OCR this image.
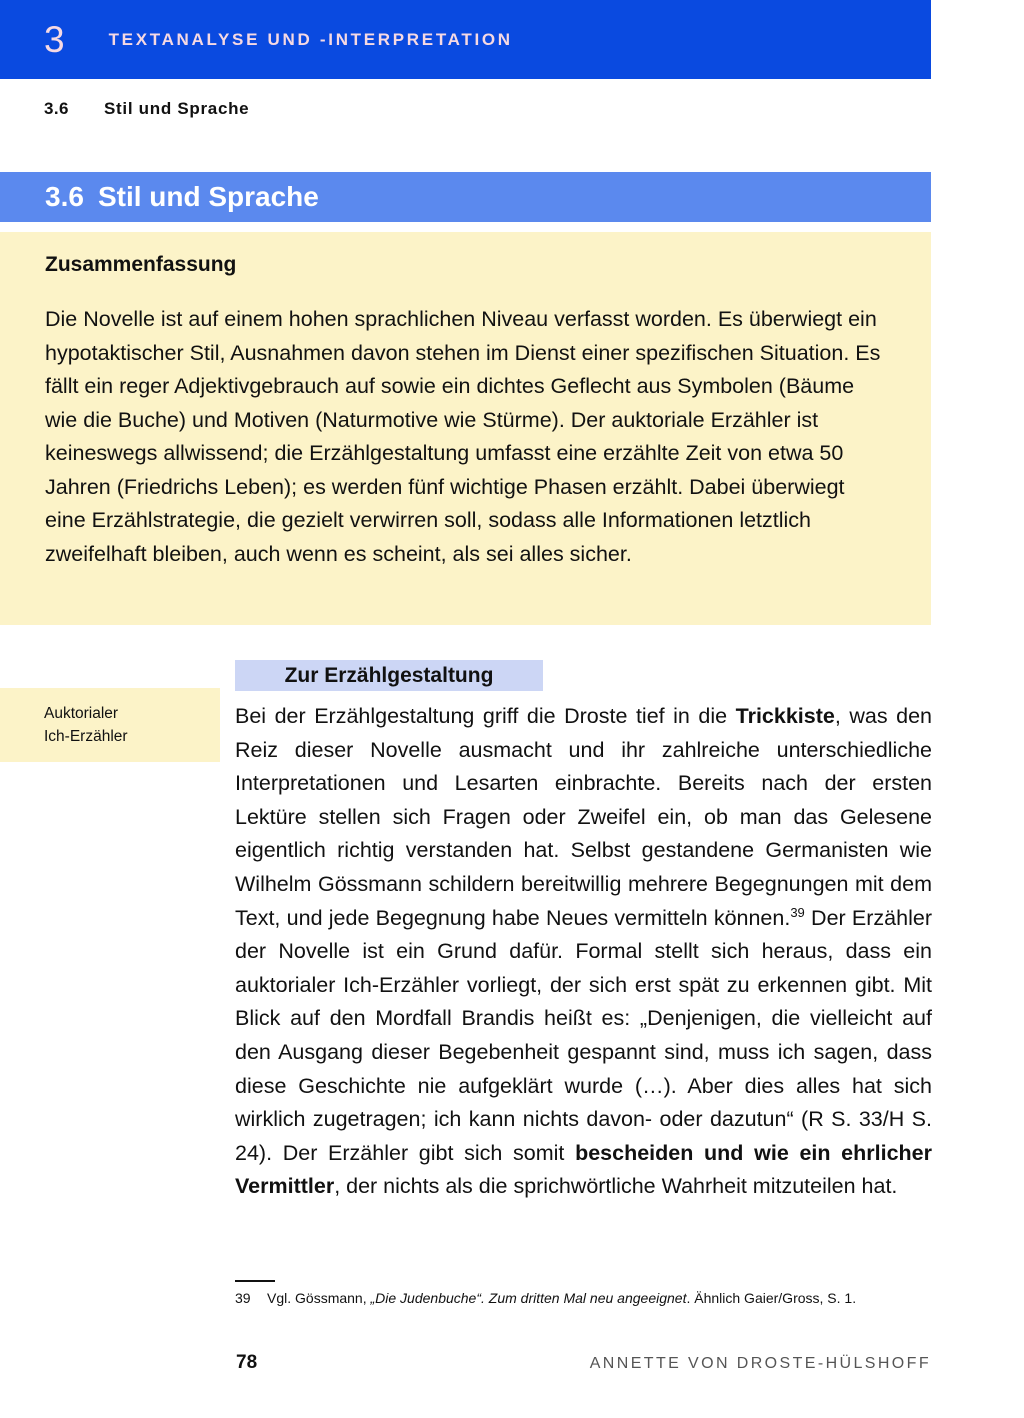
3	TEXTANALYSE UND -INTERPRETATION
3.6	Stil und Sprache
3.6 Stil und Sprache
Zusammenfassung

Die Novelle ist auf einem hohen sprachlichen Niveau verfasst worden. Es überwiegt ein hypotaktischer Stil, Ausnahmen davon stehen im Dienst einer spezifischen Situation. Es fällt ein reger Adjektivgebrauch auf sowie ein dichtes Geflecht aus Symbolen (Bäume wie die Buche) und Motiven (Naturmotive wie Stürme). Der auktoriale Erzähler ist keineswegs allwissend; die Erzählgestaltung umfasst eine erzählte Zeit von etwa 50 Jahren (Friedrichs Leben); es werden fünf wichtige Phasen erzählt. Dabei überwiegt eine Erzählstrategie, die gezielt verwirren soll, sodass alle Informationen letztlich zweifelhaft bleiben, auch wenn es scheint, als sei alles sicher.

Auktorialer
Ich-Erzähler
Zur Erzählgestaltung

Bei der Erzählgestaltung griff die Droste tief in die Trickkiste, was den Reiz dieser Novelle ausmacht und ihr zahlreiche unterschiedliche Interpretationen und Lesarten einbrachte. Bereits nach der ersten Lektüre stellen sich Fragen oder Zweifel ein, ob man das Gelesene eigentlich richtig verstanden hat. Selbst gestandene Germanisten wie Wilhelm Gössmann schildern bereitwillig mehrere Begegnungen mit dem Text, und jede Begegnung habe Neues vermitteln können.$^{39}$ Der Erzähler der Novelle ist ein Grund dafür. Formal stellt sich heraus, dass ein auktorialer Ich-Erzähler vorliegt, der sich erst spät zu erkennen gibt. Mit Blick auf den Mordfall Brandis heißt es: „Denjenigen, die vielleicht auf den Ausgang dieser Begebenheit gespannt sind, muss ich sagen, dass diese Geschichte nie aufgeklärt wurde (…). Aber dies alles hat sich wirklich zugetragen; ich kann nichts davon- oder dazutun“ (R S. 33/H S. 24). Der Erzähler gibt sich somit bescheiden und wie ein ehrlicher Vermittler, der nichts als die sprichwörtliche Wahrheit mitzuteilen hat.

39 Vgl. Gössmann, „Die Judenbuche“. Zum dritten Mal neu angeeignet. Ähnlich Gaier/Gross, S. 1.
78	ANNETTE VON DROSTE-HÜLSHOFF
